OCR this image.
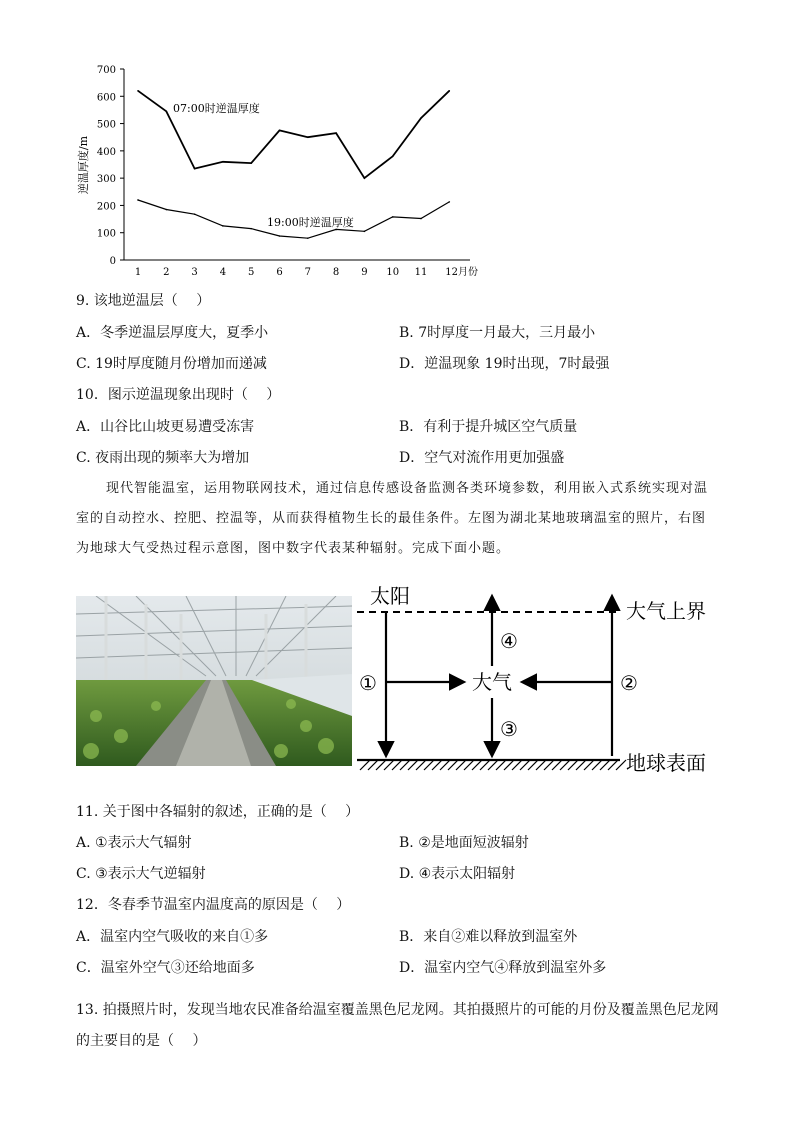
逆温厚度/m
0
100
200
300
400
500
600
700
1 2 3 4 5 6 7 8 9 10 11 12月份
07:00时逆温厚度
19:00时逆温厚度
9. 该地逆温层（　 ）
A．冬季逆温层厚度大，夏季小	B. 7时厚度一月最大，三月最小
C. 19时厚度随月份增加而递减	D．逆温现象 19时出现，7时最强
10．图示逆温现象出现时（　 ）
A．山谷比山坡更易遭受冻害	B．有利于提升城区空气质量
C. 夜雨出现的频率大为增加	D．空气对流作用更加强盛
现代智能温室，运用物联网技术，通过信息传感设备监测各类环境参数，利用嵌入式系统实现对温
室的自动控水、控肥、控温等，从而获得植物生长的最佳条件。左图为湖北某地玻璃温室的照片，右图
为地球大气受热过程示意图，图中数字代表某种辐射。完成下面小题。
太阳
大气上界
①	大气
④
③
②
地球表面
11. 关于图中各辐射的叙述，正确的是（　 ）
A. ①表示大气辐射	B. ②是地面短波辐射
C. ③表示大气逆辐射	D. ④表示太阳辐射
12．冬春季节温室内温度高的原因是（　 ）
A．温室内空气吸收的来自①多	B．来自②难以释放到温室外
C．温室外空气③还给地面多	D．温室内空气④释放到温室外多
13. 拍摄照片时，发现当地农民准备给温室覆盖黑色尼龙网。其拍摄照片的可能的月份及覆盖黑色尼龙网
的主要目的是（　 ）
